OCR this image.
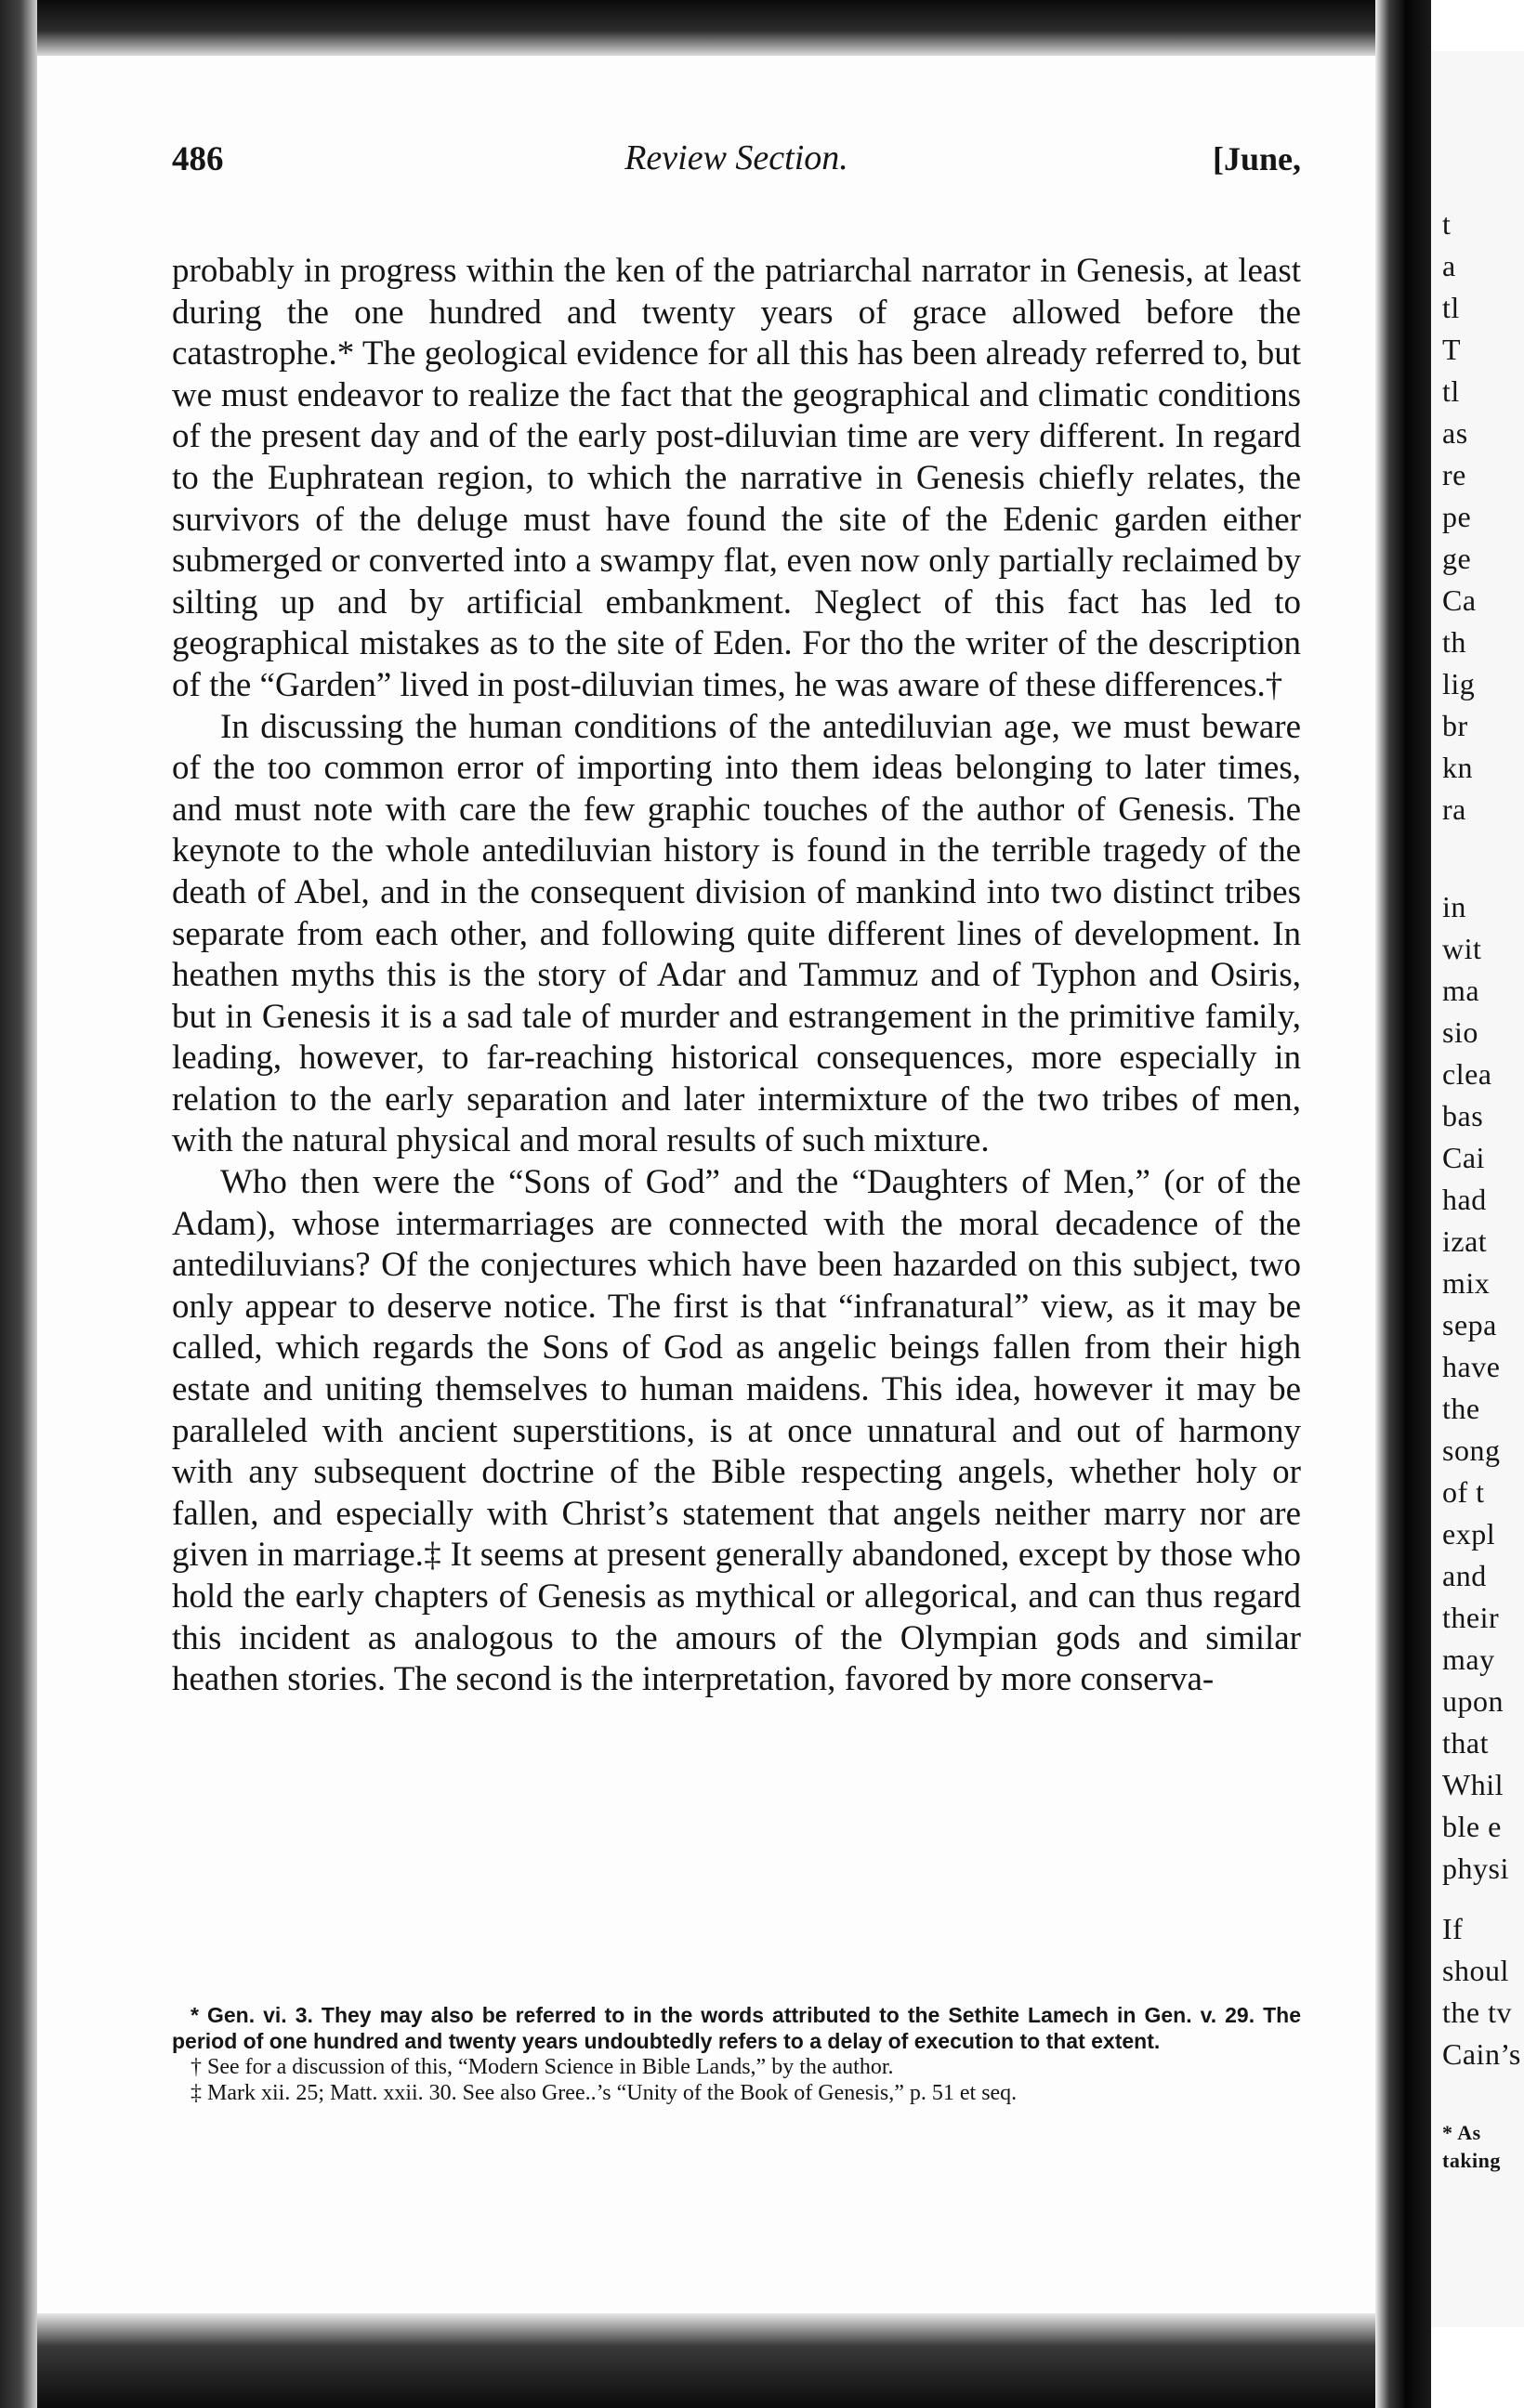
486	Review Section.	[June,

probably in progress within the ken of the patriarchal narrator in Genesis, at least during the one hundred and twenty years of grace allowed before the catastrophe.* The geological evidence for all this has been already referred to, but we must endeavor to realize the fact that the geographical and climatic conditions of the present day and of the early post-diluvian time are very different. In regard to the Euphratean region, to which the narrative in Genesis chiefly relates, the survivors of the deluge must have found the site of the Edenic garden either submerged or converted into a swampy flat, even now only partially reclaimed by silting up and by artificial embankment. Neglect of this fact has led to geographical mistakes as to the site of Eden. For tho the writer of the description of the “Garden” lived in post-diluvian times, he was aware of these differences.†

In discussing the human conditions of the antediluvian age, we must beware of the too common error of importing into them ideas belonging to later times, and must note with care the few graphic touches of the author of Genesis. The keynote to the whole antediluvian history is found in the terrible tragedy of the death of Abel, and in the consequent division of mankind into two distinct tribes separate from each other, and following quite different lines of development. In heathen myths this is the story of Adar and Tammuz and of Typhon and Osiris, but in Genesis it is a sad tale of murder and estrangement in the primitive family, leading, however, to far-reaching historical consequences, more especially in relation to the early separation and later intermixture of the two tribes of men, with the natural physical and moral results of such mixture.

Who then were the “Sons of God” and the “Daughters of Men,” (or of the Adam), whose intermarriages are connected with the moral decadence of the antediluvians? Of the conjectures which have been hazarded on this subject, two only appear to deserve notice. The first is that “infranatural” view, as it may be called, which regards the Sons of God as angelic beings fallen from their high estate and uniting themselves to human maidens. This idea, however it may be paralleled with ancient superstitions, is at once unnatural and out of harmony with any subsequent doctrine of the Bible respecting angels, whether holy or fallen, and especially with Christ’s statement that angels neither marry nor are given in marriage.‡ It seems at present generally abandoned, except by those who hold the early chapters of Genesis as mythical or allegorical, and can thus regard this incident as analogous to the amours of the Olympian gods and similar heathen stories. The second is the interpretation, favored by more conserva-

* Gen. vi. 3. They may also be referred to in the words attributed to the Sethite Lamech in Gen. v. 29. The period of one hundred and twenty years undoubtedly refers to a delay of execution to that extent.

† See for a discussion of this, “Modern Science in Bible Lands,” by the author.

‡ Mark xii. 25; Matt. xxii. 30. See also Gree..’s “Unity of the Book of Genesis,” p. 51 et seq.

t
a
tl
T
tl
as
re
pe
ge
Ca
th
lig
br
kn
ra
in
wit
ma
sio
clea
bas
Cai
had
izat
mix
sepa
have
the
song
of t
expl
and
their
may
upon
that
Whil
ble e
physi
If
shoul
the tv
Cain’s
* As
taking
